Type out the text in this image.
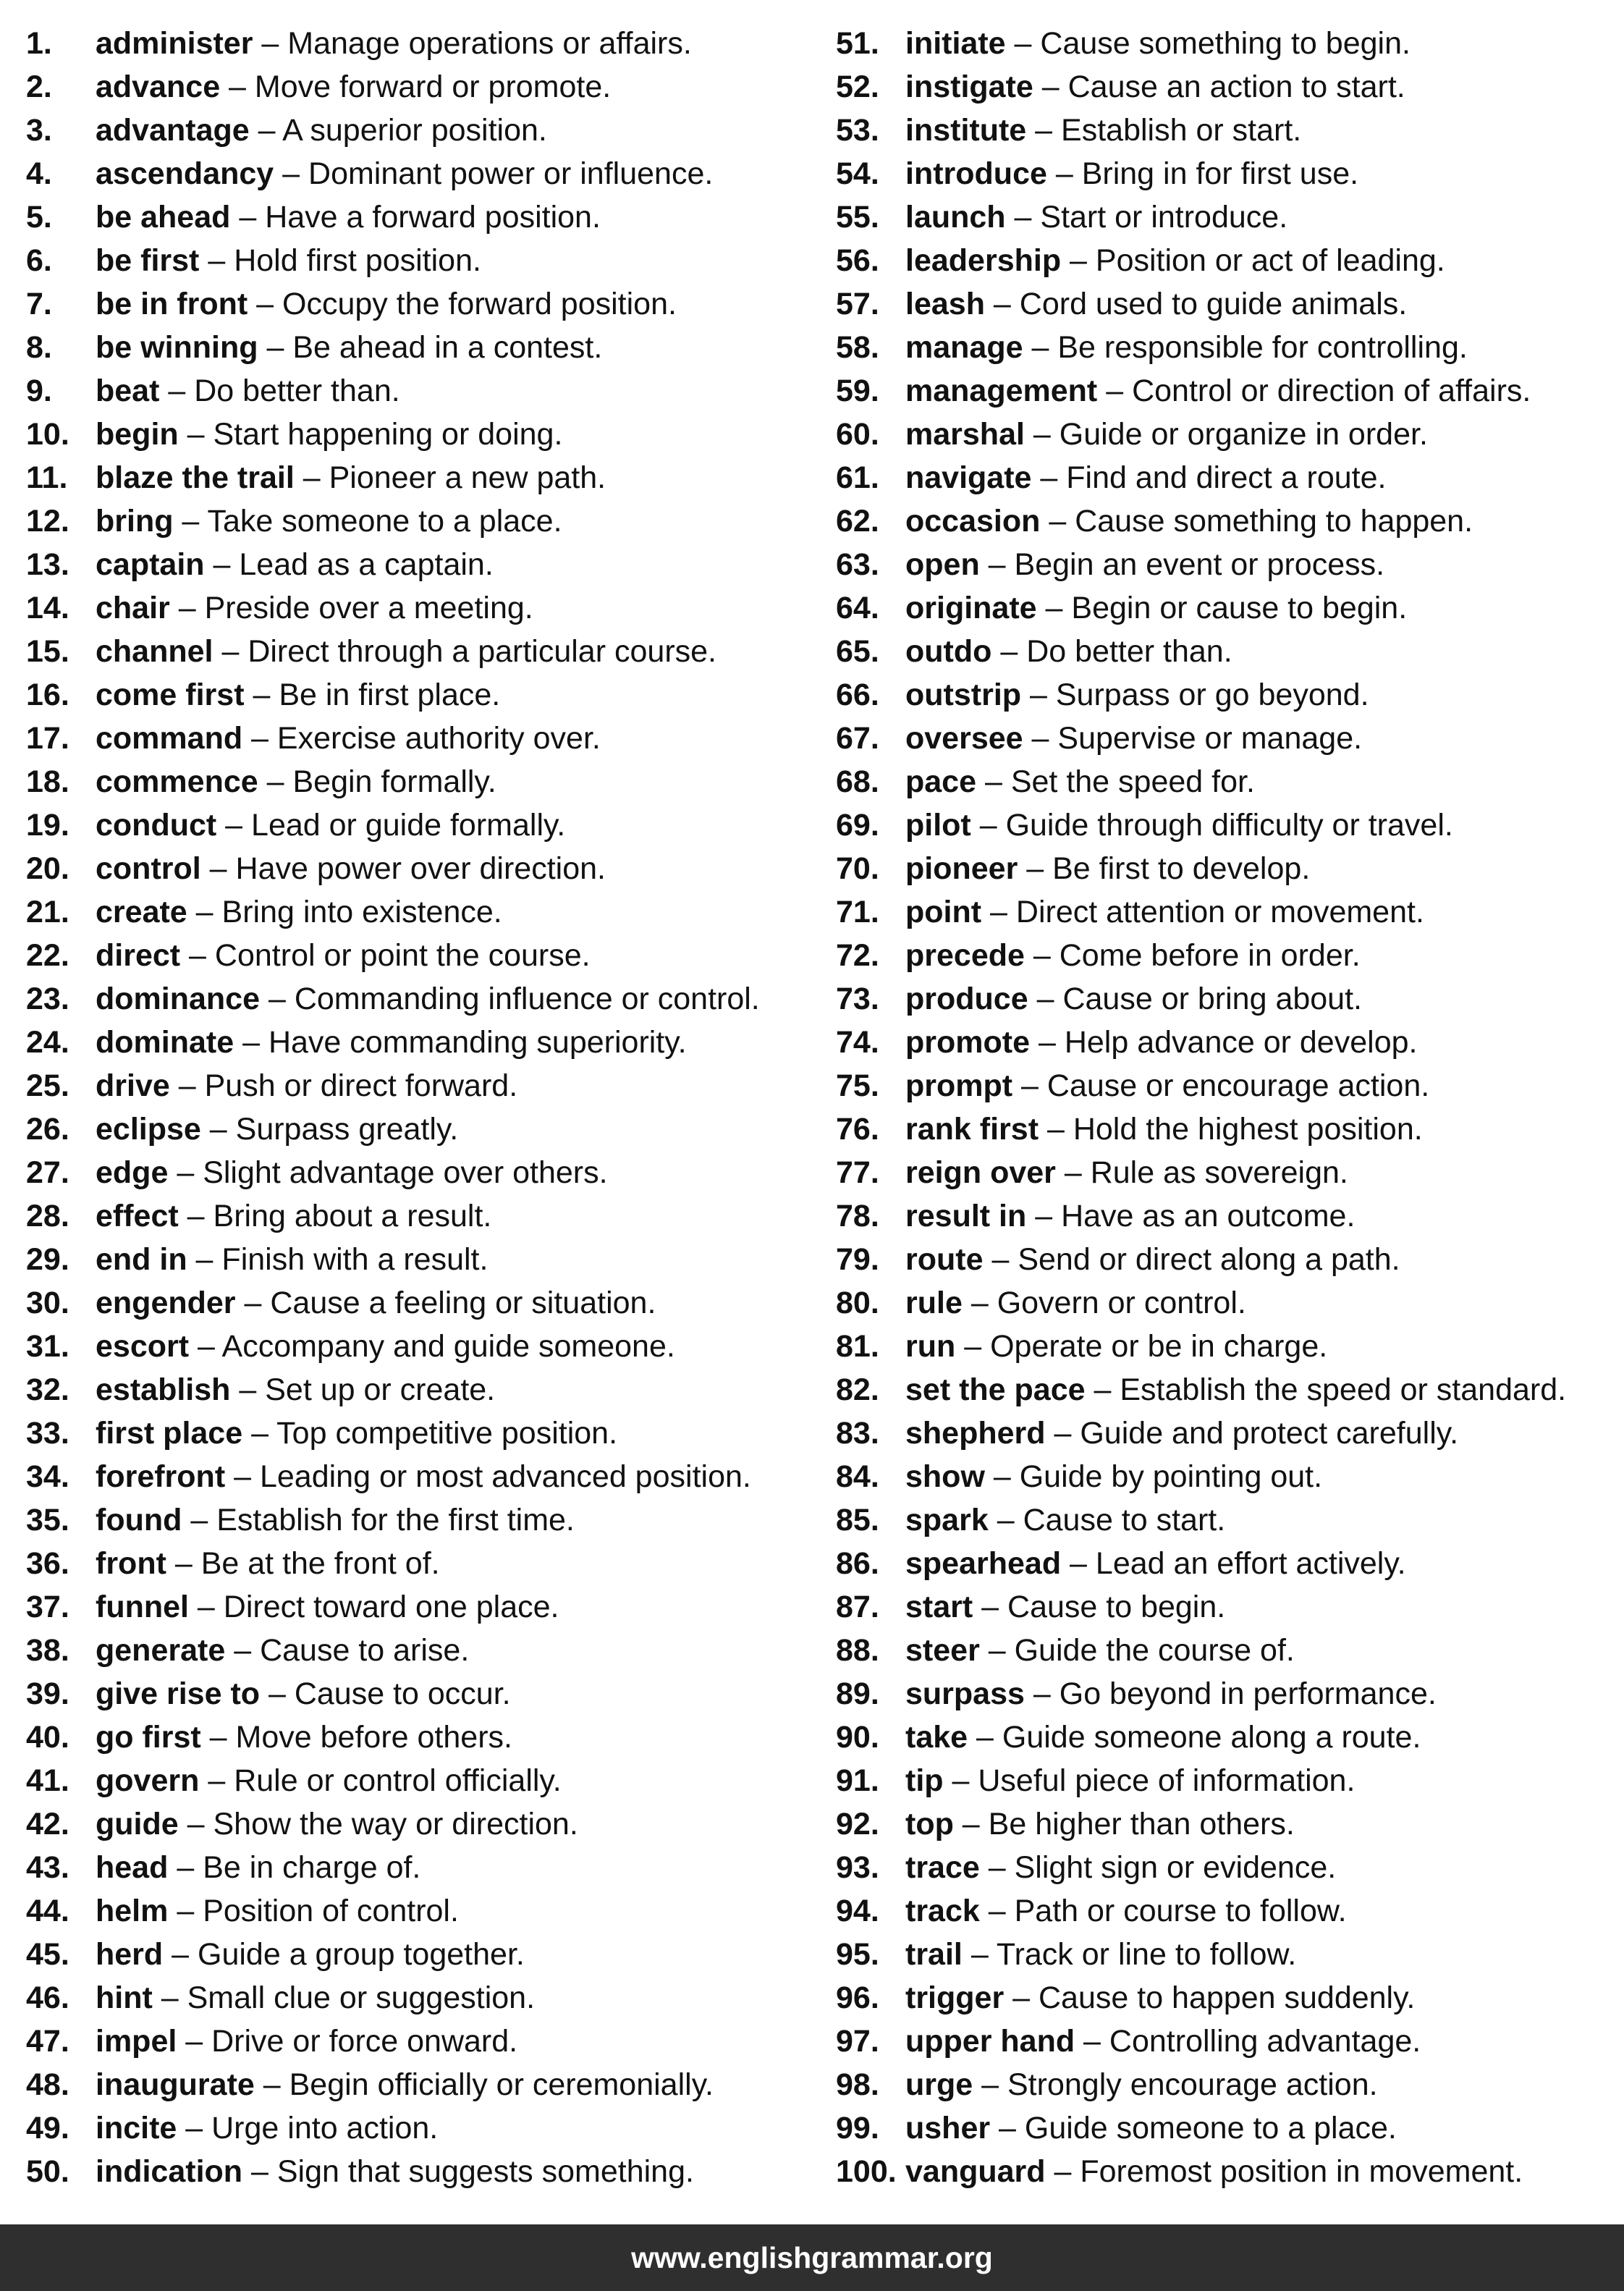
1.	administer – Manage operations or affairs.
2.	advance – Move forward or promote.
3.	advantage – A superior position.
4.	ascendancy – Dominant power or influence.
5.	be ahead – Have a forward position.
6.	be first – Hold first position.
7.	be in front – Occupy the forward position.
8.	be winning – Be ahead in a contest.
9.	beat – Do better than.
10. begin – Start happening or doing.
11. blaze the trail – Pioneer a new path.
12. bring – Take someone to a place.
13. captain – Lead as a captain.
14. chair – Preside over a meeting.
15. channel – Direct through a particular course.
16. come first – Be in first place.
17. command – Exercise authority over.
18. commence – Begin formally.
19. conduct – Lead or guide formally.
20. control – Have power over direction.
21. create – Bring into existence.
22. direct – Control or point the course.
23. dominance – Commanding influence or control.
24. dominate – Have commanding superiority.
25. drive – Push or direct forward.
26. eclipse – Surpass greatly.
27. edge – Slight advantage over others.
28. effect – Bring about a result.
29. end in – Finish with a result.
30. engender – Cause a feeling or situation.
31. escort – Accompany and guide someone.
32. establish – Set up or create.
33. first place – Top competitive position.
34. forefront – Leading or most advanced position.
35. found – Establish for the first time.
36. front – Be at the front of.
37. funnel – Direct toward one place.
38. generate – Cause to arise.
39. give rise to – Cause to occur.
40. go first – Move before others.
41. govern – Rule or control officially.
42. guide – Show the way or direction.
43. head – Be in charge of.
44. helm – Position of control.
45. herd – Guide a group together.
46. hint – Small clue or suggestion.
47. impel – Drive or force onward.
48. inaugurate – Begin officially or ceremonially.
49. incite – Urge into action.
50. indication – Sign that suggests something.
51. initiate – Cause something to begin.
52. instigate – Cause an action to start.
53. institute – Establish or start.
54. introduce – Bring in for first use.
55. launch – Start or introduce.
56. leadership – Position or act of leading.
57. leash – Cord used to guide animals.
58. manage – Be responsible for controlling.
59. management – Control or direction of affairs.
60. marshal – Guide or organize in order.
61. navigate – Find and direct a route.
62. occasion – Cause something to happen.
63. open – Begin an event or process.
64. originate – Begin or cause to begin.
65. outdo – Do better than.
66. outstrip – Surpass or go beyond.
67. oversee – Supervise or manage.
68. pace – Set the speed for.
69. pilot – Guide through difficulty or travel.
70. pioneer – Be first to develop.
71. point – Direct attention or movement.
72. precede – Come before in order.
73. produce – Cause or bring about.
74. promote – Help advance or develop.
75. prompt – Cause or encourage action.
76. rank first – Hold the highest position.
77. reign over – Rule as sovereign.
78. result in – Have as an outcome.
79. route – Send or direct along a path.
80. rule – Govern or control.
81. run – Operate or be in charge.
82. set the pace – Establish the speed or standard.
83. shepherd – Guide and protect carefully.
84. show – Guide by pointing out.
85. spark – Cause to start.
86. spearhead – Lead an effort actively.
87. start – Cause to begin.
88. steer – Guide the course of.
89. surpass – Go beyond in performance.
90. take – Guide someone along a route.
91. tip – Useful piece of information.
92. top – Be higher than others.
93. trace – Slight sign or evidence.
94. track – Path or course to follow.
95. trail – Track or line to follow.
96. trigger – Cause to happen suddenly.
97. upper hand – Controlling advantage.
98. urge – Strongly encourage action.
99. usher – Guide someone to a place.
100. vanguard – Foremost position in movement.
www.englishgrammar.org
